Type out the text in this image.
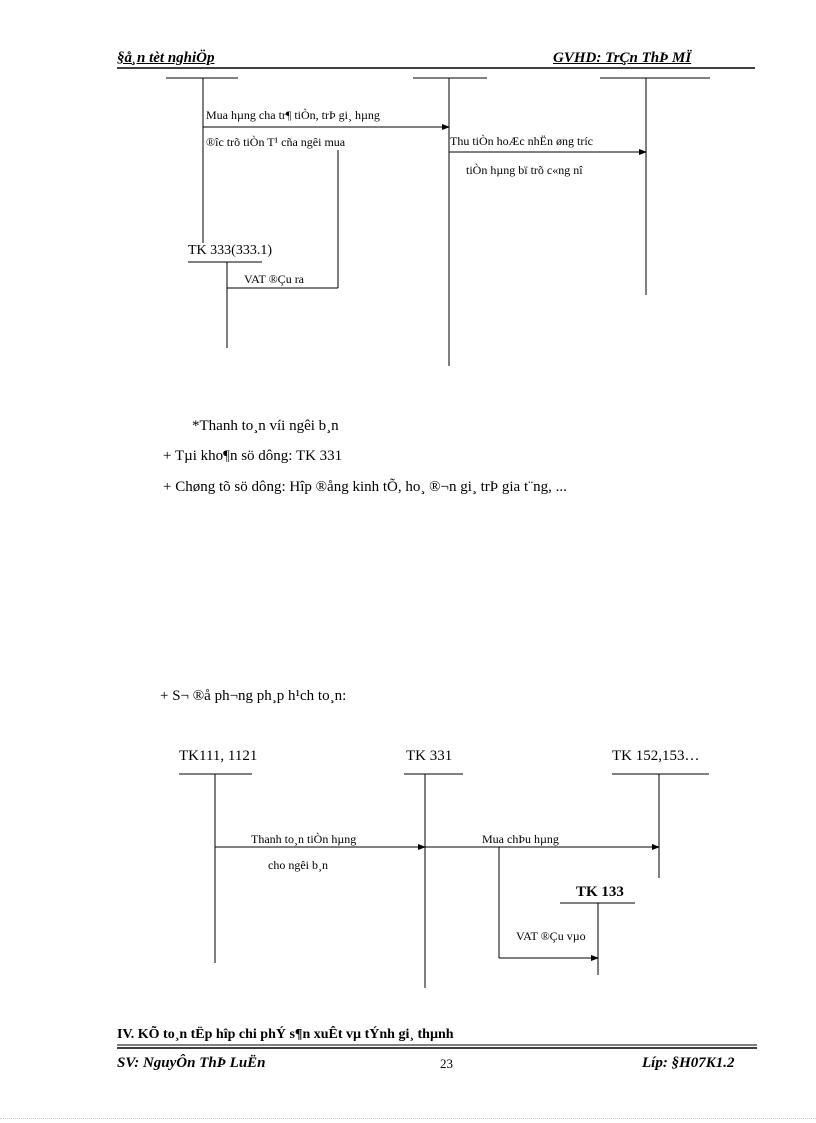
§å¸n tèt nghiÖp	GVHD: TrÇn ThÞ MÏ
Mua hµng cha tr¶ tiÒn, trÞ gi¸ hµng
®îc trõ tiÒn T¹ cña ngêi mua	Thu tiÒn hoÆc nhËn øng tríc
tiÒn hµng bï trõ c«ng nî
TK 333(333.1)
VAT ®Çu ra
*Thanh to¸n víi ngêi b¸n
+ Tµi kho¶n sö dông: TK 331
+ Chøng tõ sö dông: Hîp ®ång kinh tÕ, ho¸ ®¬n gi¸ trÞ gia t¨ng, ...
+ S¬ ®å ph¬ng ph¸p h¹ch to¸n:
TK111, 1121	TK 331	TK 152,153…
Thanh to¸n tiÒn hµng
cho ngêi b¸n
Mua chÞu hµng
TK 133
VAT ®Çu vµo
IV. KÕ to¸n tËp hîp chi phÝ s¶n xuÊt vµ tÝnh gi¸ thµnh
SV: NguyÔn ThÞ LuËn	23	Líp: §H07K1.2
